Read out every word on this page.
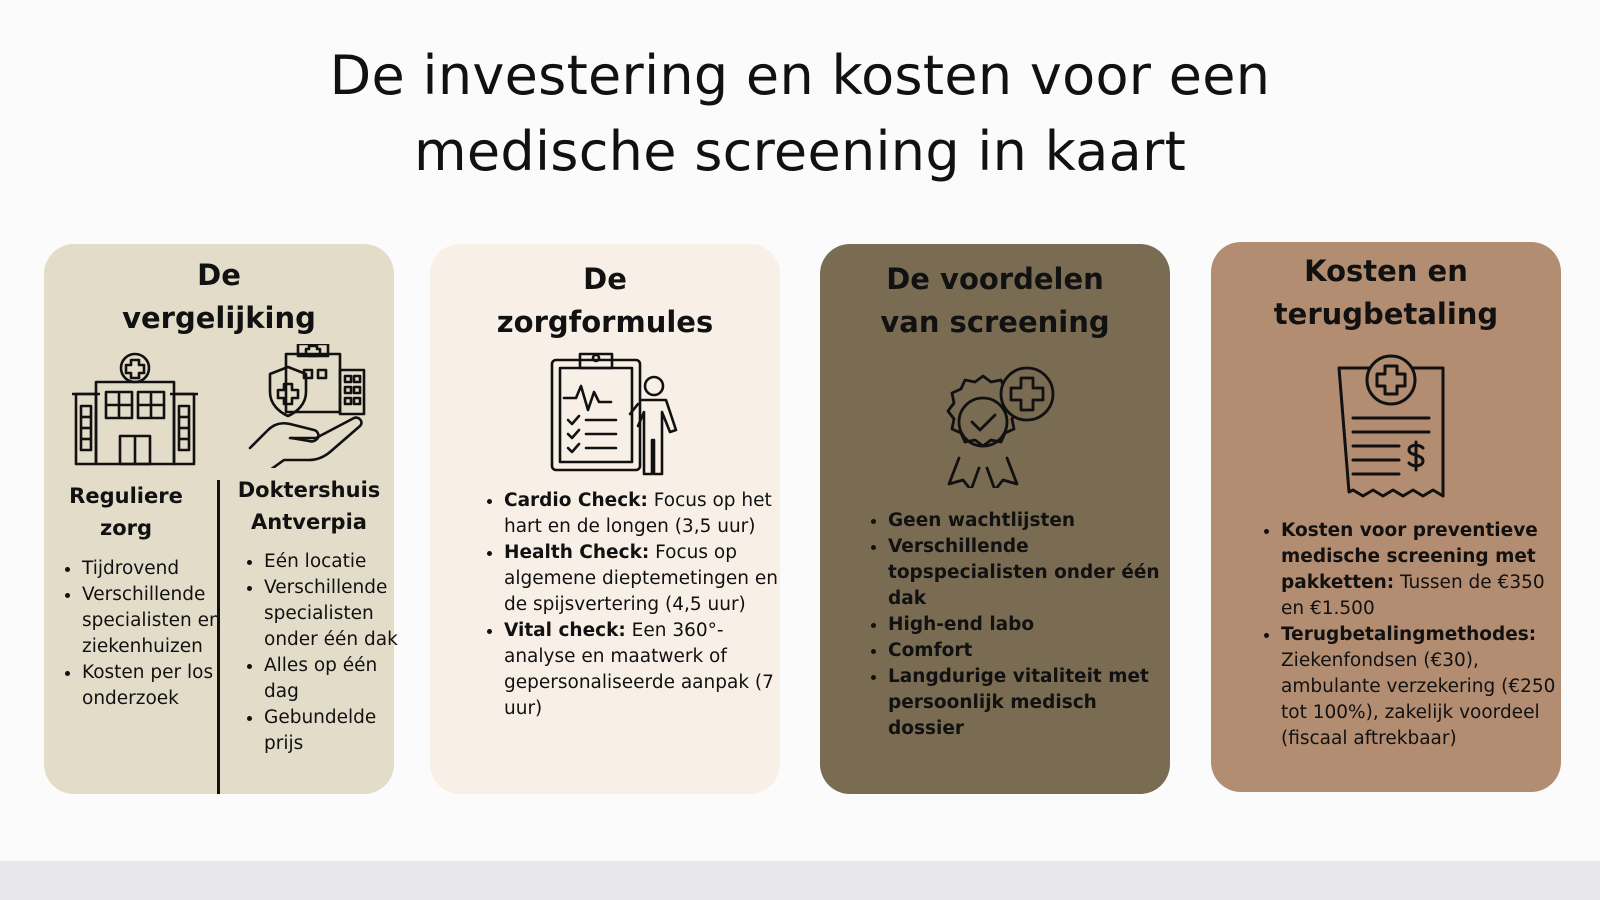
De investering en kosten voor een
medische screening in kaart
De
vergelijking
Reguliere
zorg
Doktershuis
Antverpia
• Tijdrovend
• Verschillende specialisten en ziekenhuizen
• Kosten per los onderzoek
• Eén locatie
• Verschillende specialisten onder één dak
• Alles op één dag
• Gebundelde prijs
De
zorgformules
• Cardio Check: Focus op het hart en de longen (3,5 uur)
• Health Check: Focus op algemene dieptemetingen en de spijsvertering (4,5 uur)
• Vital check: Een 360°-analyse en maatwerk of gepersonaliseerde aanpak (7 uur)
De voordelen
van screening
• Geen wachtlijsten
• Verschillende topspecialisten onder één dak
• High-end labo
• Comfort
• Langdurige vitaliteit met persoonlijk medisch dossier
Kosten en
terugbetaling
• Kosten voor preventieve medische screening met pakketten: Tussen de €350 en €1.500
• Terugbetalingmethodes: Ziekenfondsen (€30), ambulante verzekering (€250 tot 100%), zakelijk voordeel (fiscaal aftrekbaar)
